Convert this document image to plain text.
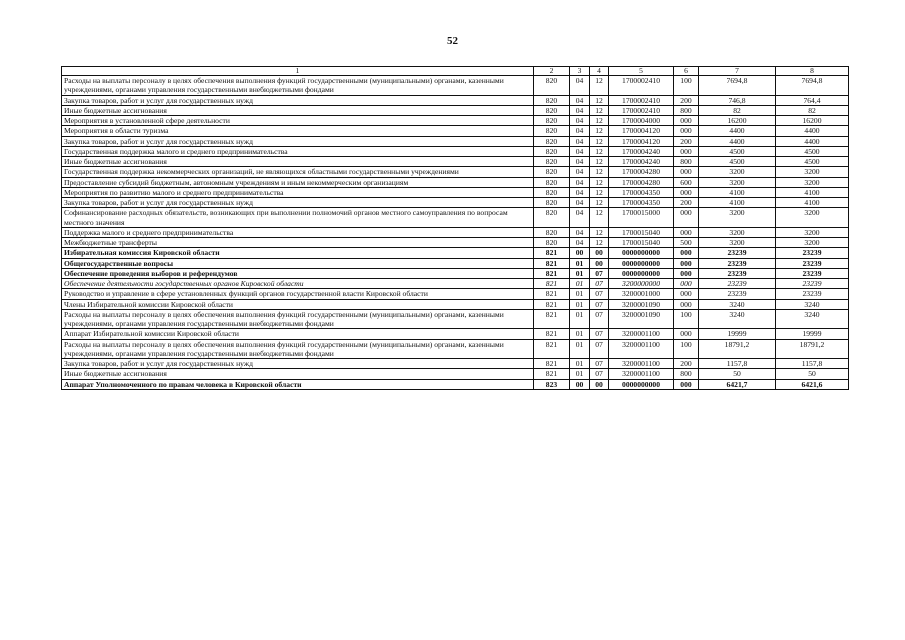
52
1	2	3	4	5	6	7	8
Расходы на выплаты персоналу в целях обеспечения выполнения функций государственными (муниципальными) органами, казенными учреждениями, органами управления государственными внебюджетными фондами	820	04	12	1700002410	100	7694,8	7694,8
Закупка товаров, работ и услуг для государственных нужд	820	04	12	1700002410	200	746,8	764,4
Иные бюджетные ассигнования	820	04	12	1700002410	800	82	82
Мероприятия в установленной сфере деятельности	820	04	12	1700004000	000	16200	16200
Мероприятия в области туризма	820	04	12	1700004120	000	4400	4400
Закупка товаров, работ и услуг для государственных нужд	820	04	12	1700004120	200	4400	4400
Государственная поддержка малого и среднего предпринимательства	820	04	12	1700004240	000	4500	4500
Иные бюджетные ассигнования	820	04	12	1700004240	800	4500	4500
Государственная поддержка некоммерческих организаций, не являющихся областными государственными учреждениями	820	04	12	1700004280	000	3200	3200
Предоставление субсидий бюджетным, автономным учреждениям и иным некоммерческим организациям	820	04	12	1700004280	600	3200	3200
Мероприятия по развитию малого и среднего предпринимательства	820	04	12	1700004350	000	4100	4100
Закупка товаров, работ и услуг для государственных нужд	820	04	12	1700004350	200	4100	4100
Софинансирование расходных обязательств, возникающих при выполнении полномочий органов местного самоуправления по вопросам местного значения	820	04	12	1700015000	000	3200	3200
Поддержка малого и среднего предпринимательства	820	04	12	1700015040	000	3200	3200
Межбюджетные трансферты	820	04	12	1700015040	500	3200	3200
Избирательная комиссия Кировской области	821	00	00	0000000000	000	23239	23239
Общегосударственные вопросы	821	01	00	0000000000	000	23239	23239
Обеспечение проведения выборов и референдумов	821	01	07	0000000000	000	23239	23239
Обеспечение деятельности государственных органов Кировской области	821	01	07	3200000000	000	23239	23239
Руководство и управление в сфере установленных функций органов государственной власти Кировской области	821	01	07	3200001000	000	23239	23239
Члены Избирательной комиссии Кировской области	821	01	07	3200001090	000	3240	3240
Расходы на выплаты персоналу в целях обеспечения выполнения функций государственными (муниципальными) органами, казенными учреждениями, органами управления государственными внебюджетными фондами	821	01	07	3200001090	100	3240	3240
Аппарат Избирательной комиссии Кировской области	821	01	07	3200001100	000	19999	19999
Расходы на выплаты персоналу в целях обеспечения выполнения функций государственными (муниципальными) органами, казенными учреждениями, органами управления государственными внебюджетными фондами	821	01	07	3200001100	100	18791,2	18791,2
Закупка товаров, работ и услуг для государственных нужд	821	01	07	3200001100	200	1157,8	1157,8
Иные бюджетные ассигнования	821	01	07	3200001100	800	50	50
Аппарат Уполномоченного по правам человека в Кировской области	823	00	00	0000000000	000	6421,7	6421,6
